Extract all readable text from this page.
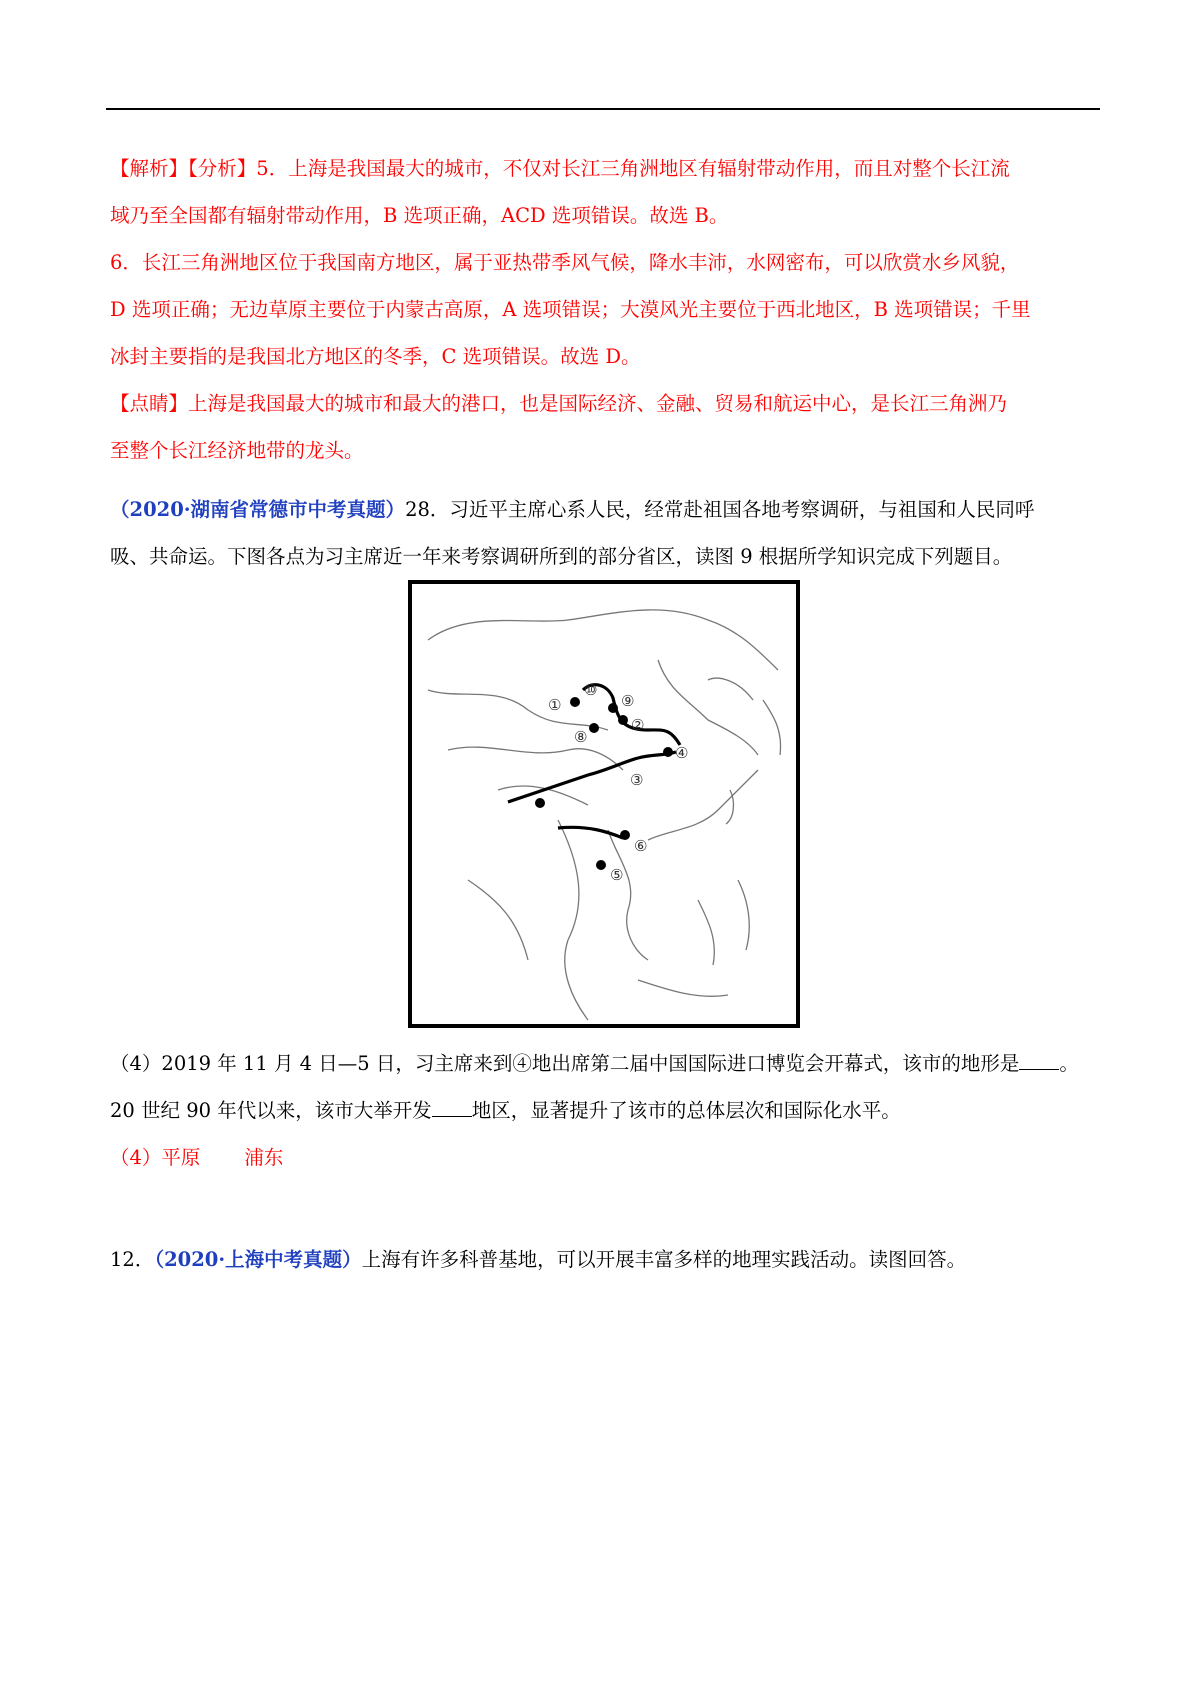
【解析】【分析】5．上海是我国最大的城市，不仅对长江三角洲地区有辐射带动作用，而且对整个长江流
域乃至全国都有辐射带动作用，B 选项正确，ACD 选项错误。故选 B。
6．长江三角洲地区位于我国南方地区，属于亚热带季风气候，降水丰沛，水网密布，可以欣赏水乡风貌，
D 选项正确；无边草原主要位于内蒙古高原，A 选项错误；大漠风光主要位于西北地区，B 选项错误；千里
冰封主要指的是我国北方地区的冬季，C 选项错误。故选 D。
【点睛】上海是我国最大的城市和最大的港口，也是国际经济、金融、贸易和航运中心，是长江三角洲乃
至整个长江经济地带的龙头。
（2020·湖南省常德市中考真题）28．习近平主席心系人民，经常赴祖国各地考察调研，与祖国和人民同呼
吸、共命运。下图各点为习主席近一年来考察调研所到的部分省区，读图 9 根据所学知识完成下列题目。
①
⑩
⑨
⑧
②
④
③
⑥
⑤
（4）2019 年 11 月 4 日—5 日，习主席来到④地出席第二届中国国际进口博览会开幕式，该市的地形是 。
20 世纪 90 年代以来，该市大举开发 地区，显著提升了该市的总体层次和国际化水平。
（4）平原 浦东
12．（2020·上海中考真题）上海有许多科普基地，可以开展丰富多样的地理实践活动。读图回答。
